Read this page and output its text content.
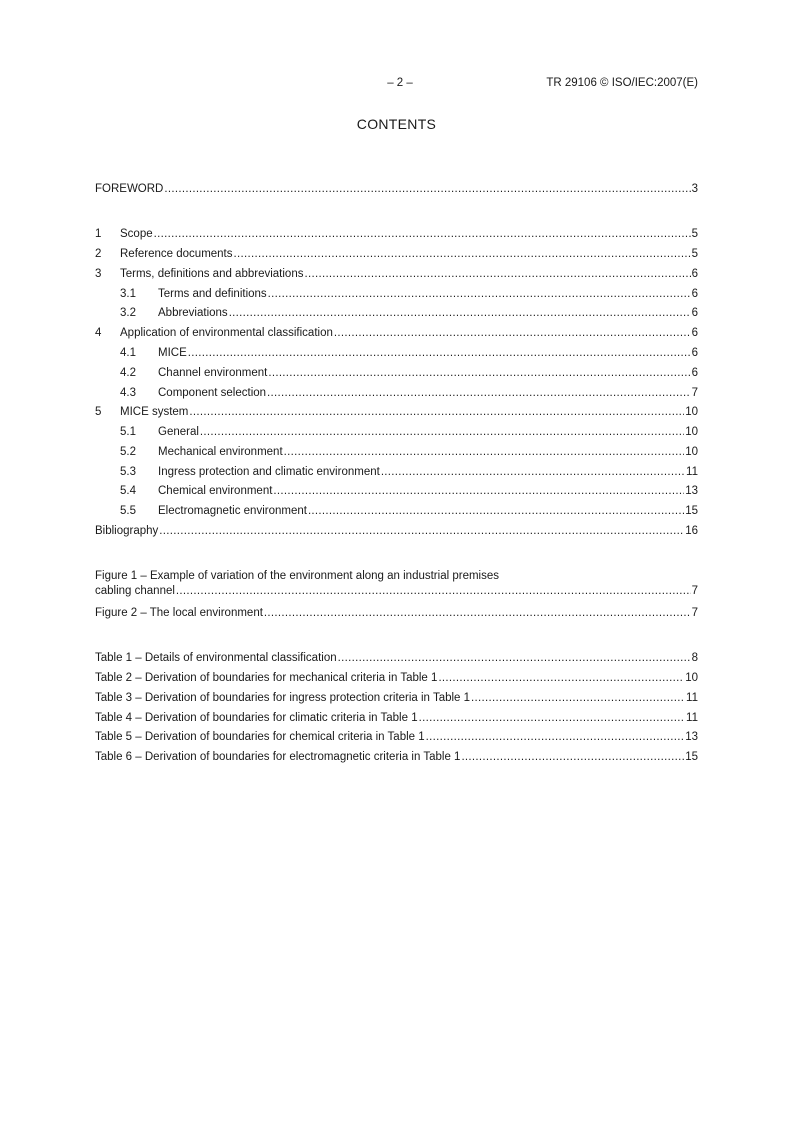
– 2 –	TR 29106 © ISO/IEC:2007(E)
CONTENTS
FOREWORD .....	3
1	Scope .....	5
2	Reference documents .....	5
3	Terms, definitions and abbreviations .....	6
3.1	Terms and definitions .....	6
3.2	Abbreviations .....	6
4	Application of environmental classification .....	6
4.1	MICE .....	6
4.2	Channel environment .....	6
4.3	Component selection .....	7
5	MICE system .....	10
5.1	General .....	10
5.2	Mechanical environment .....	10
5.3	Ingress protection and climatic environment .....	11
5.4	Chemical environment .....	13
5.5	Electromagnetic environment .....	15
Bibliography .....	16
Figure 1 – Example of variation of the environment along an industrial premises
cabling channel .....	7
Figure 2 – The local environment .....	7
Table 1 – Details of environmental classification .....	8
Table 2 – Derivation of boundaries for mechanical criteria in Table 1 .....	10
Table 3 – Derivation of boundaries for ingress protection criteria in Table 1 .....	11
Table 4 – Derivation of boundaries for climatic criteria in Table 1 .....	11
Table 5 – Derivation of boundaries for chemical criteria in Table 1 .....	13
Table 6 – Derivation of boundaries for electromagnetic criteria in Table 1 .....	15
